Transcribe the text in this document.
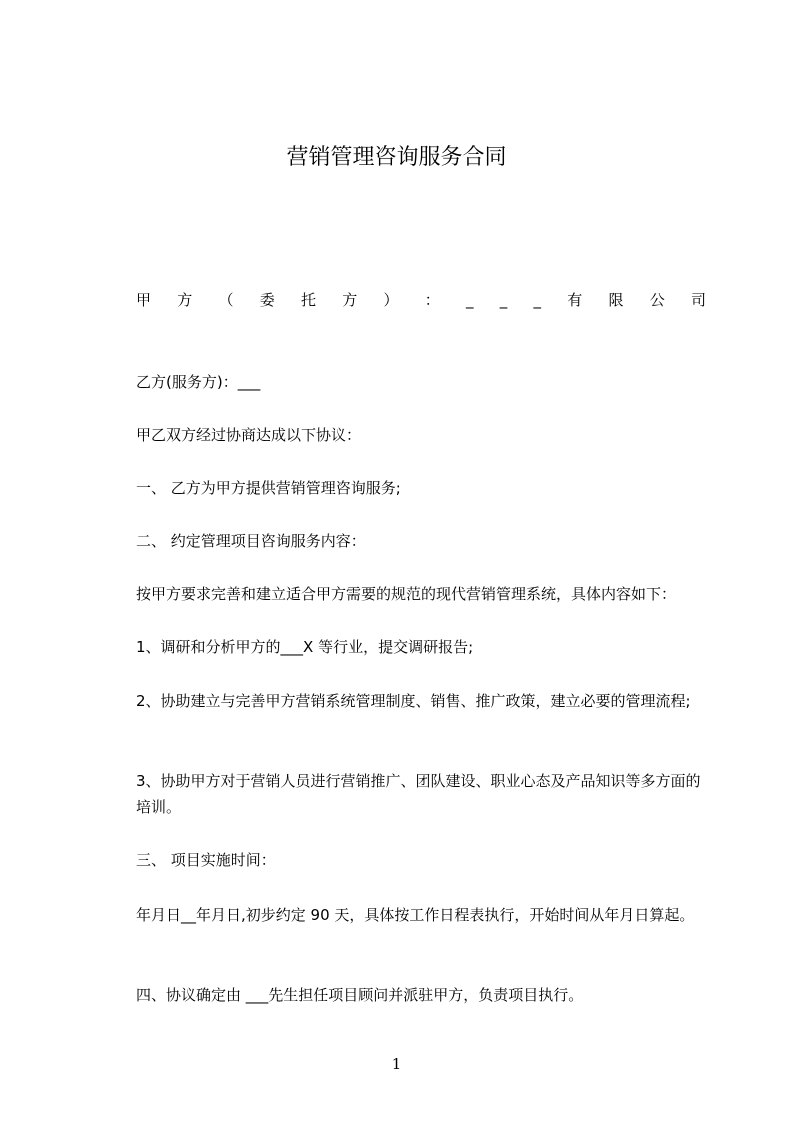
营销管理咨询服务合同
甲 方 （ 委 托 方 ） ： _ _ _ 有 限 公 司
乙方(服务方)：___
甲乙双方经过协商达成以下协议：
一、 乙方为甲方提供营销管理咨询服务;
二、 约定管理项目咨询服务内容：
按甲方要求完善和建立适合甲方需要的规范的现代营销管理系统，具体内容如下：
1、调研和分析甲方的___X 等行业，提交调研报告;
2、协助建立与完善甲方营销系统管理制度、销售、推广政策，建立必要的管理流程;
3、协助甲方对于营销人员进行营销推广、团队建设、职业心态及产品知识等多方面的培训。
三、 项目实施时间：
年月日__年月日,初步约定 90 天，具体按工作日程表执行，开始时间从年月日算起。
四、协议确定由 ___先生担任项目顾问并派驻甲方，负责项目执行。
1
